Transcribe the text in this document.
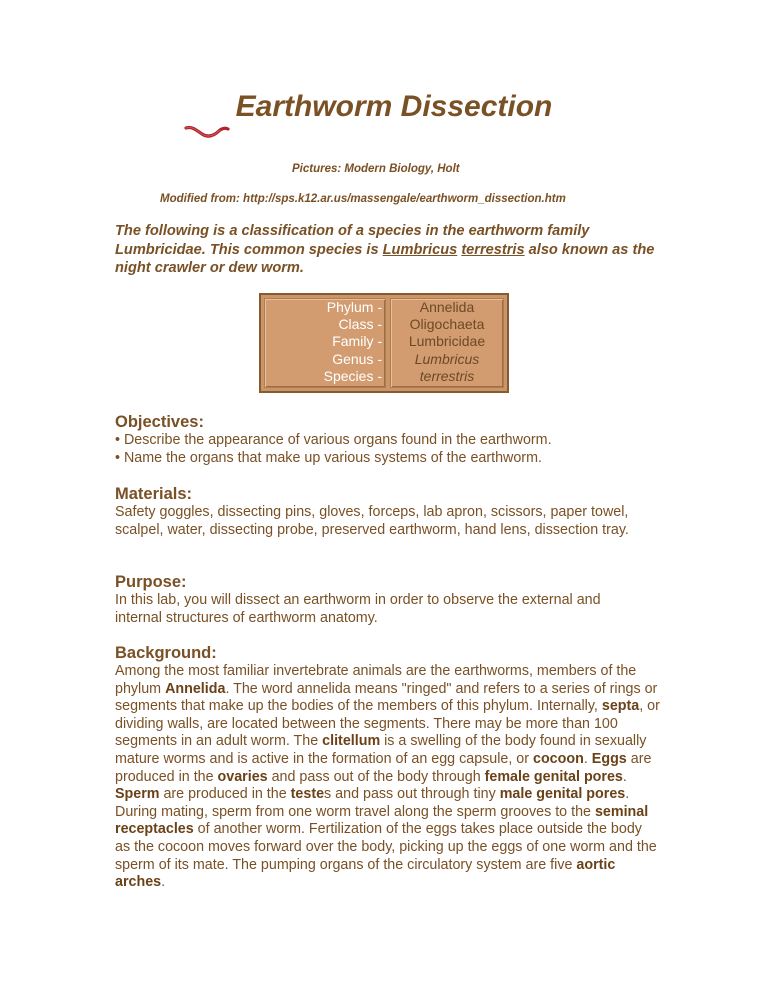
Earthworm Dissection
Pictures: Modern Biology, Holt
Modified from: http://sps.k12.ar.us/massengale/earthworm_dissection.htm
The following is a classification of a species in the earthworm family Lumbricidae. This common species is Lumbricus terrestris also known as the night crawler or dew worm.
Phylum -
Class -
Family -
Genus -
Species -
Annelida
Oligochaeta
Lumbricidae
Lumbricus
terrestris
Objectives:
• Describe the appearance of various organs found in the earthworm.
• Name the organs that make up various systems of the earthworm.
Materials:

Safety goggles, dissecting pins, gloves, forceps, lab apron, scissors, paper towel, scalpel, water, dissecting probe, preserved earthworm, hand lens, dissection tray.

Purpose:

In this lab, you will dissect an earthworm in order to observe the external and internal structures of earthworm anatomy.

Background:

Among the most familiar invertebrate animals are the earthworms, members of the phylum Annelida. The word annelida means "ringed" and refers to a series of rings or segments that make up the bodies of the members of this phylum. Internally, septa, or dividing walls, are located between the segments. There may be more than 100 segments in an adult worm. The clitellum is a swelling of the body found in sexually mature worms and is active in the formation of an egg capsule, or cocoon. Eggs are produced in the ovaries and pass out of the body through female genital pores. Sperm are produced in the testes and pass out through tiny male genital pores. During mating, sperm from one worm travel along the sperm grooves to the seminal receptacles of another worm. Fertilization of the eggs takes place outside the body as the cocoon moves forward over the body, picking up the eggs of one worm and the sperm of its mate. The pumping organs of the circulatory system are five aortic arches.
